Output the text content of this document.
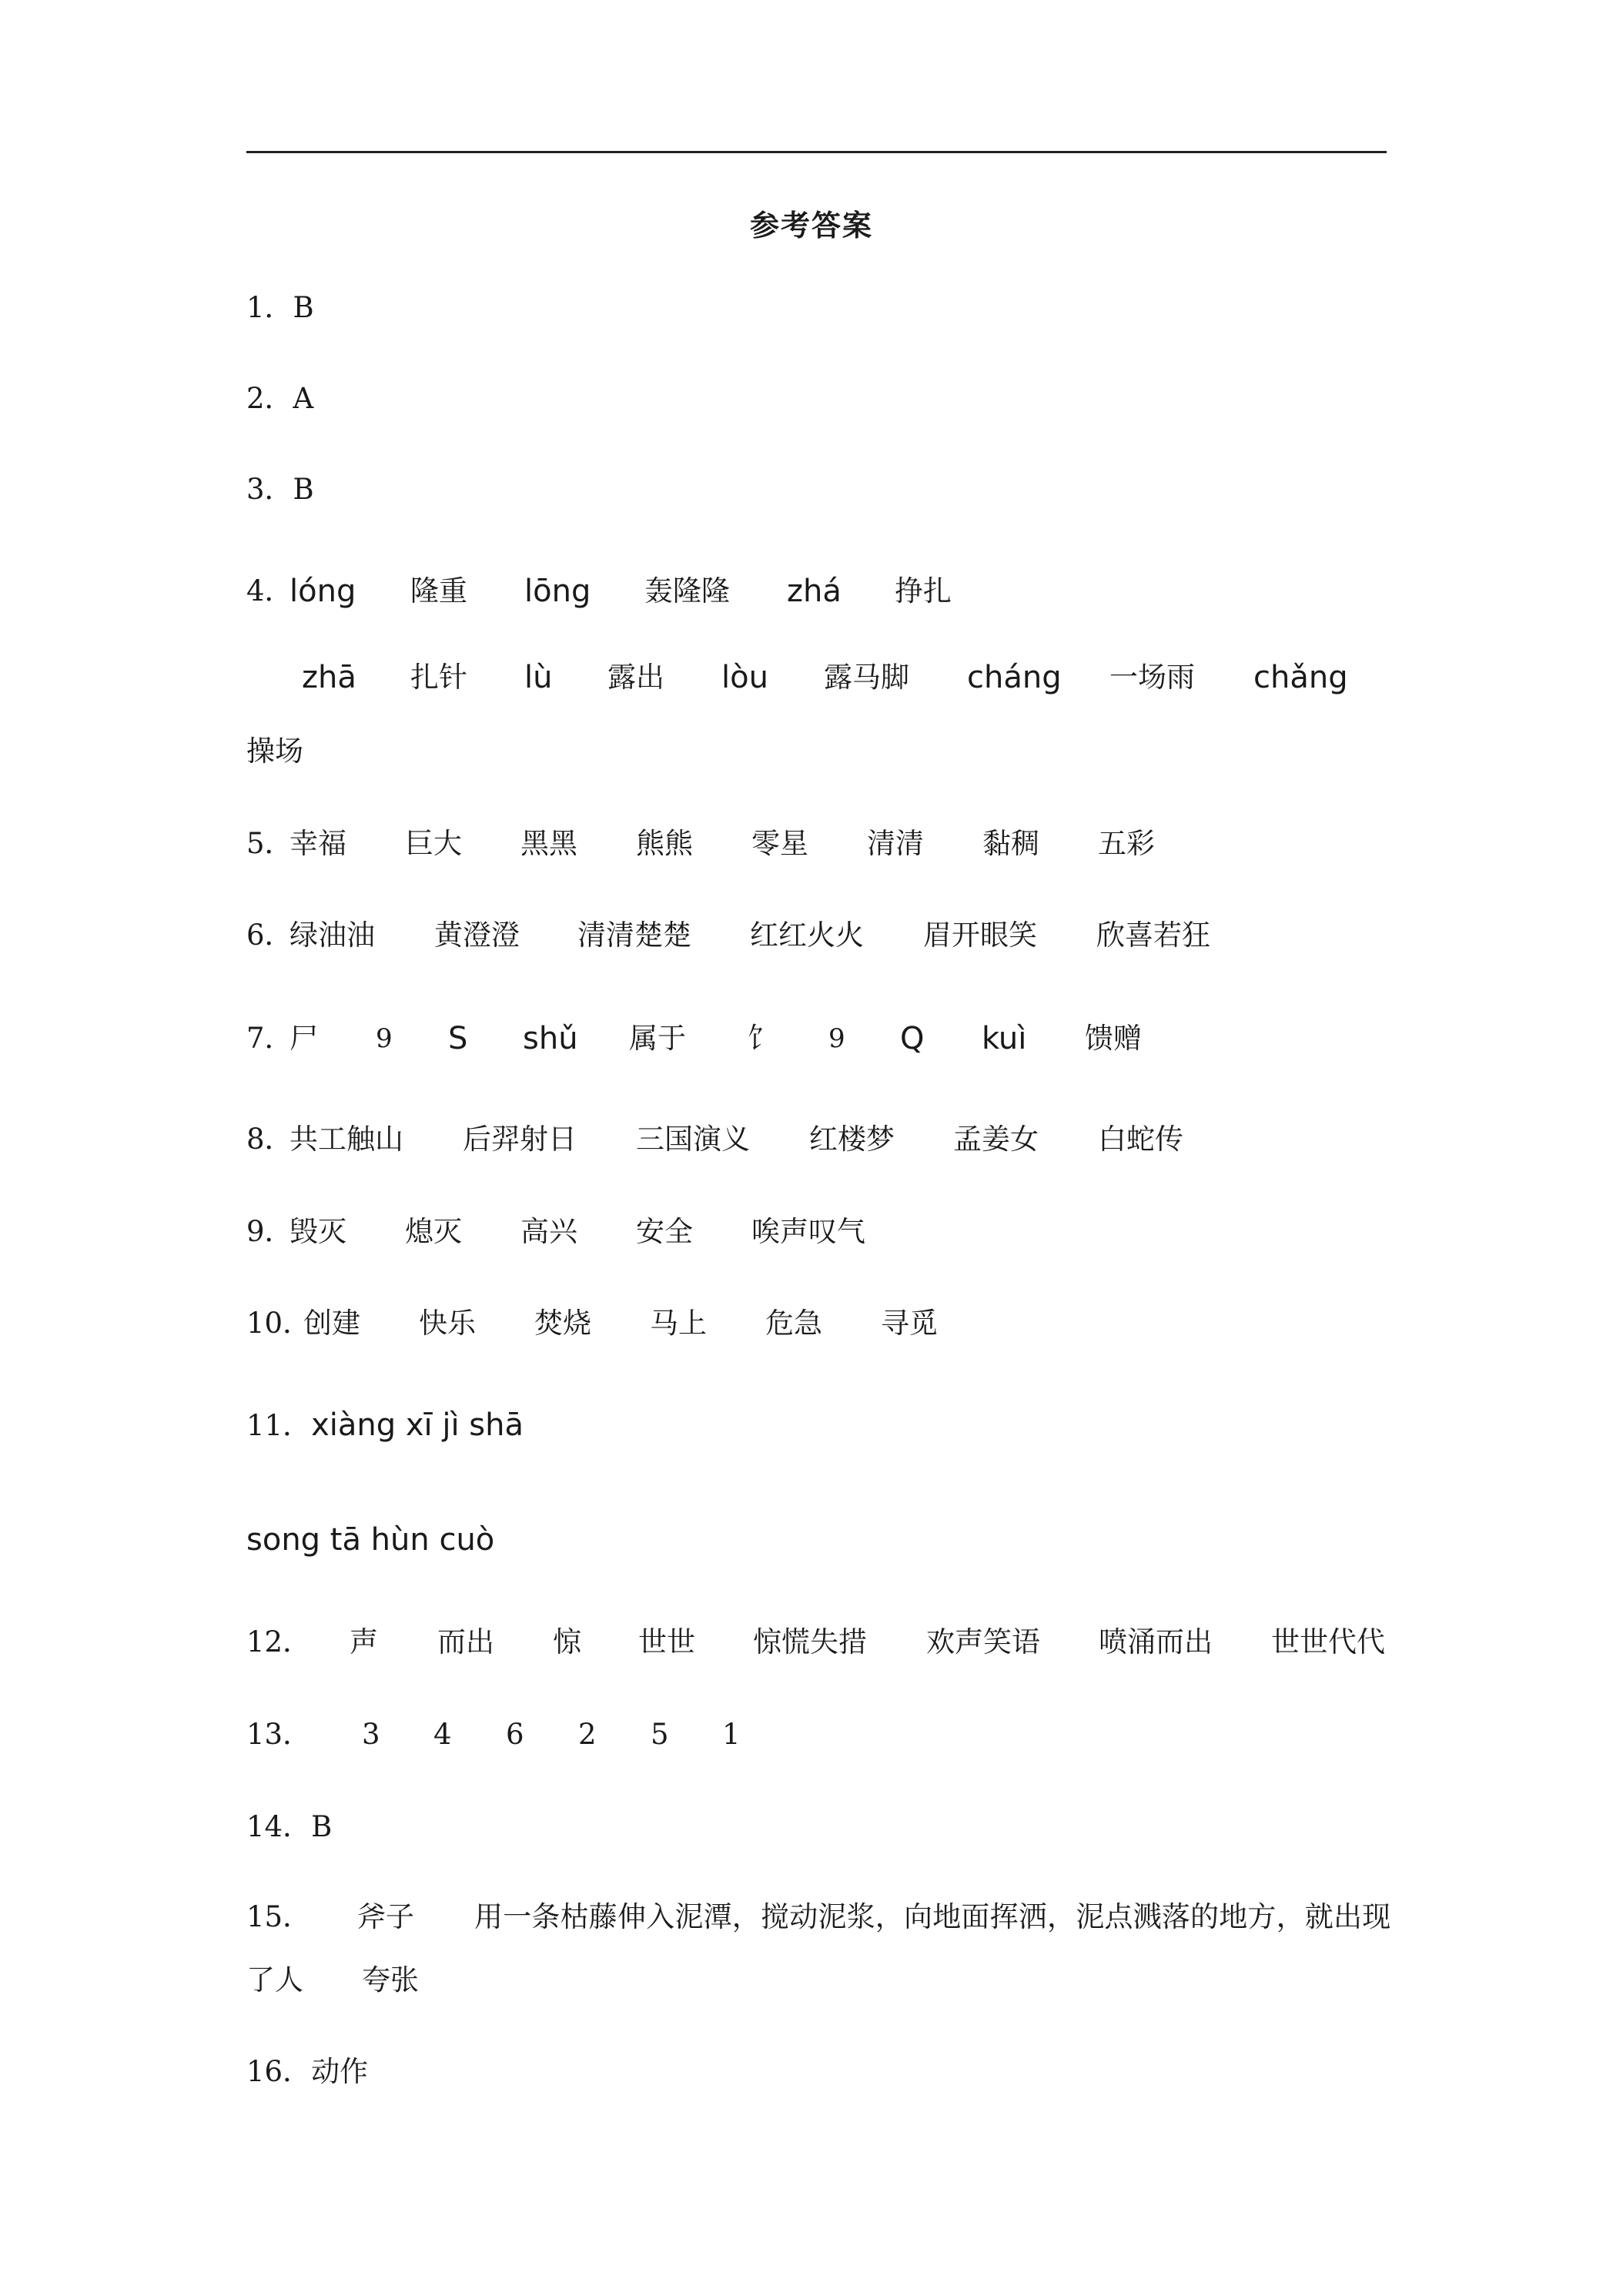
参考答案
1．B
2．A
3．B
4．
lóng 隆重 lōng 轰隆隆 zhá 挣扎
zhā 扎针 lù 露出 lòu 露马脚 cháng 一场雨 chǎng
操场
5．
幸福 巨大 黑黑 熊熊 零星 清清 黏稠 五彩
6．
绿油油 黄澄澄 清清楚楚 红红火火 眉开眼笑 欣喜若狂
7．
尸 9 S shǔ 属于 饣 9 Q kuì 馈赠
8．
共工触山 后羿射日 三国演义 红楼梦 孟姜女 白蛇传
9．
毁灭 熄灭 高兴 安全 唉声叹气
10．
创建 快乐 焚烧 马上 危急 寻觅
11．xiàng xī jì shā
song tā hùn cuò
12． 声 而出 惊 世世 惊慌失措 欢声笑语 喷涌而出 世世代代
13． 3 4 6 2 5 1
14．B
15． 斧子 用一条枯藤伸入泥潭，搅动泥浆，向地面挥洒，泥点溅落的地方，就出现
了人 夸张
16．动作
